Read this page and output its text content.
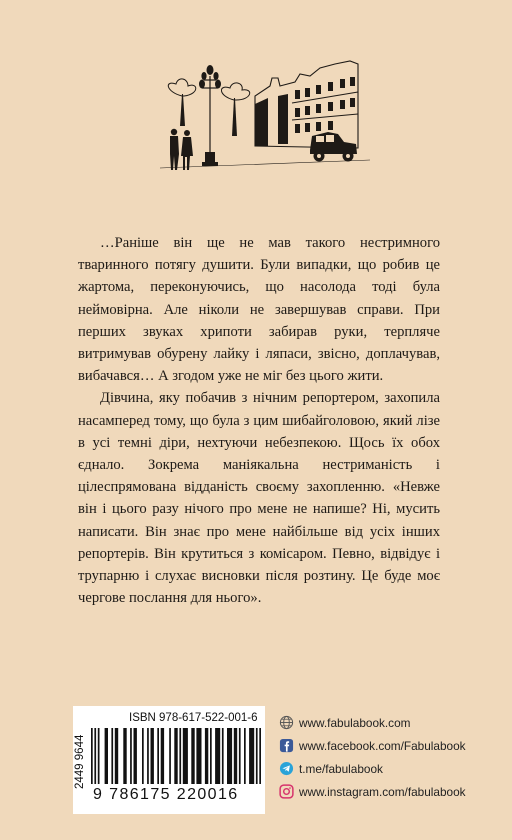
…Раніше він ще не мав такого нестримного тваринного потягу душити. Були випадки, що робив це жартома, переконуючись, що насолода тоді була неймовірна. Але ніколи не завершував справи. При перших звуках хрипоти забирав руки, терпляче витримував обурену лайку і ляпаси, звісно, доплачував, вибачався… А згодом уже не міг без цього жити.

Дівчина, яку побачив з нічним репортером, захопила насамперед тому, що була з цим шибайголовою, який лізе в усі темні діри, нехтуючи небезпекою. Щось їх обох єднало. Зокрема маніякальна нестриманість і цілеспрямована відданість своєму захопленню. «Невже він і цього разу нічого про мене не напише? Ні, мусить написати. Він знає про мене найбільше від усіх інших репортерів. Він крутиться з комісаром. Певно, відвідує і трупарню і слухає висновки після розтину. Це буде моє чергове послання для нього».

ISBN 978-617-522-001-6
2449 9644
9 786175 220016
www.fabulabook.com
www.facebook.com/Fabulabook
t.me/fabulabook
www.instagram.com/fabulabook
